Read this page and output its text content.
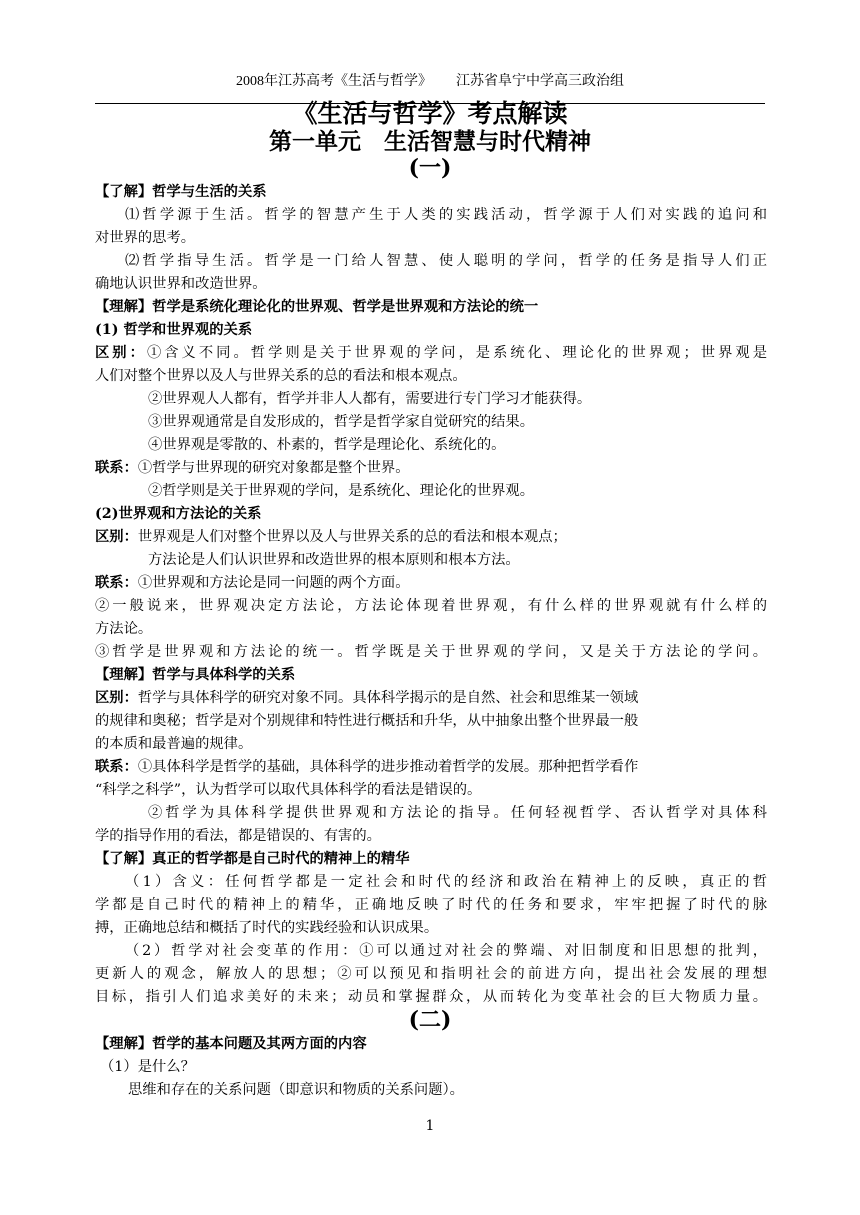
2008年江苏高考《生活与哲学》 江苏省阜宁中学高三政治组
《生活与哲学》考点解读
第一单元　生活智慧与时代精神
(一)
【了解】哲学与生活的关系
⑴哲学源于生活。哲学的智慧产生于人类的实践活动，哲学源于人们对实践的追问和
对世界的思考。
⑵哲学指导生活。哲学是一门给人智慧、使人聪明的学问，哲学的任务是指导人们正
确地认识世界和改造世界。
【理解】哲学是系统化理论化的世界观、哲学是世界观和方法论的统一
(1) 哲学和世界观的关系
区别：①含义不同。哲学则是关于世界观的学问，是系统化、理论化的世界观；世界观是
人们对整个世界以及人与世界关系的总的看法和根本观点。
②世界观人人都有，哲学并非人人都有，需要进行专门学习才能获得。
③世界观通常是自发形成的，哲学是哲学家自觉研究的结果。
④世界观是零散的、朴素的，哲学是理论化、系统化的。
联系：①哲学与世界现的研究对象都是整个世界。
②哲学则是关于世界观的学问，是系统化、理论化的世界观。
(2)世界观和方法论的关系
区别：世界观是人们对整个世界以及人与世界关系的总的看法和根本观点；
方法论是人们认识世界和改造世界的根本原则和根本方法。
联系：①世界观和方法论是同一问题的两个方面。
②一般说来，世界观决定方法论，方法论体现着世界观，有什么样的世界观就有什么样的
方法论。
③哲学是世界观和方法论的统一。哲学既是关于世界观的学问，又是关于方法论的学问。
【理解】哲学与具体科学的关系
区别：哲学与具体科学的研究对象不同。具体科学揭示的是自然、社会和思维某一领域
的规律和奥秘；哲学是对个别规律和特性进行概括和升华，从中抽象出整个世界最一般
的本质和最普遍的规律。
联系：①具体科学是哲学的基础，具体科学的进步推动着哲学的发展。那种把哲学看作
“科学之科学”，认为哲学可以取代具体科学的看法是错误的。
②哲学为具体科学提供世界观和方法论的指导。任何轻视哲学、否认哲学对具体科
学的指导作用的看法，都是错误的、有害的。
【了解】真正的哲学都是自己时代的精神上的精华
（1）含义：任何哲学都是一定社会和时代的经济和政治在精神上的反映，真正的哲
学都是自己时代的精神上的精华，正确地反映了时代的任务和要求，牢牢把握了时代的脉
搏，正确地总结和概括了时代的实践经验和认识成果。
（2）哲学对社会变革的作用：①可以通过对社会的弊端、对旧制度和旧思想的批判，
更新人的观念，解放人的思想；②可以预见和指明社会的前进方向，提出社会发展的理想
目标，指引人们追求美好的未来；动员和掌握群众，从而转化为变革社会的巨大物质力量。
(二)
【理解】哲学的基本问题及其两方面的内容
（1）是什么？
思维和存在的关系问题（即意识和物质的关系问题）。
1
